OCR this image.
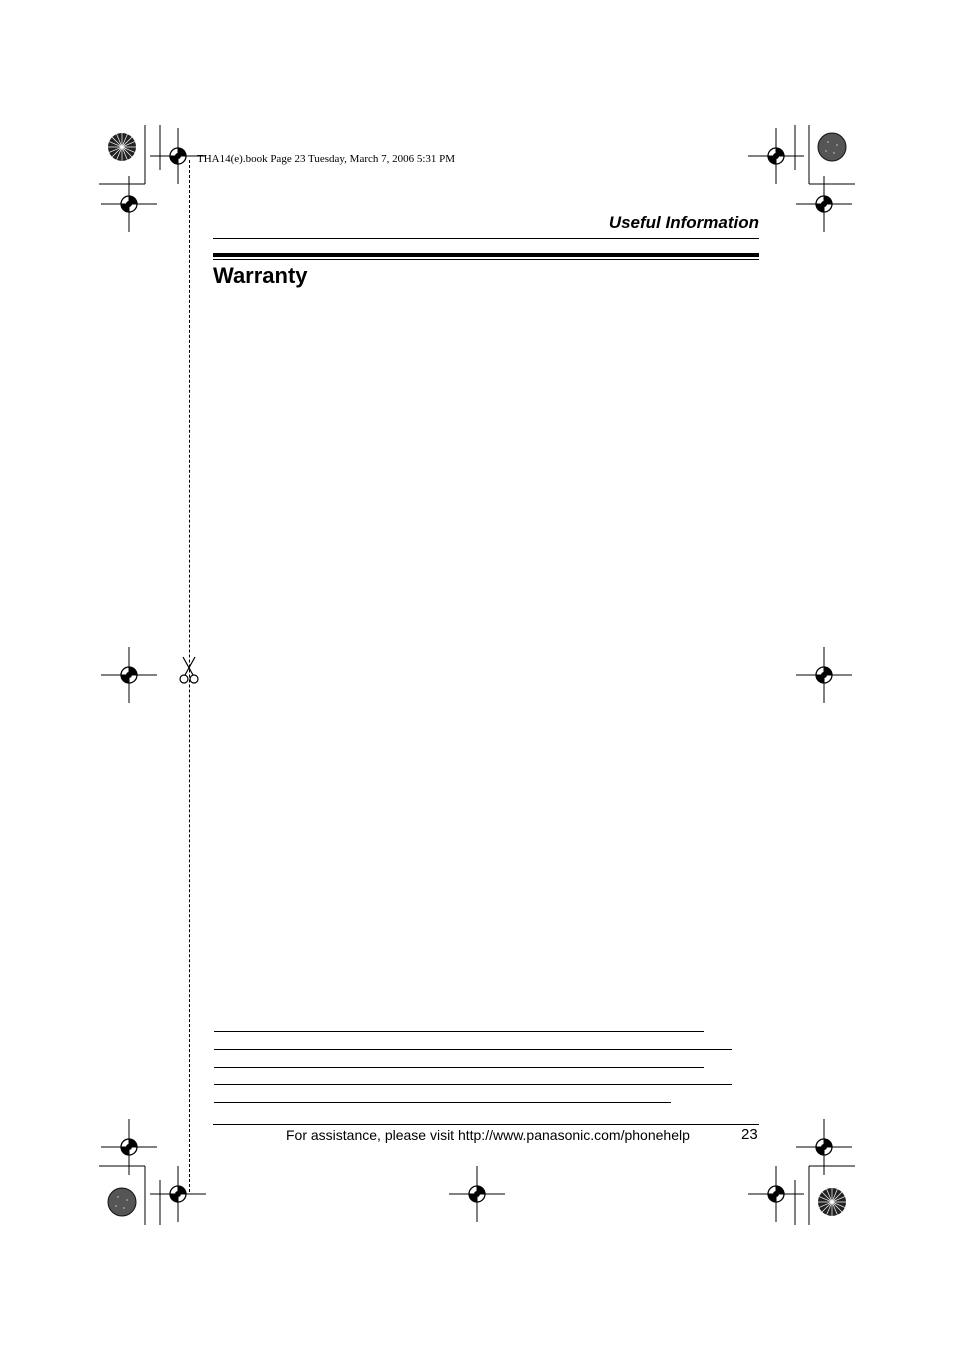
THA14(e).book Page 23 Tuesday, March 7, 2006 5:31 PM
Useful Information
Warranty
For assistance, please visit http://www.panasonic.com/phonehelp	23
